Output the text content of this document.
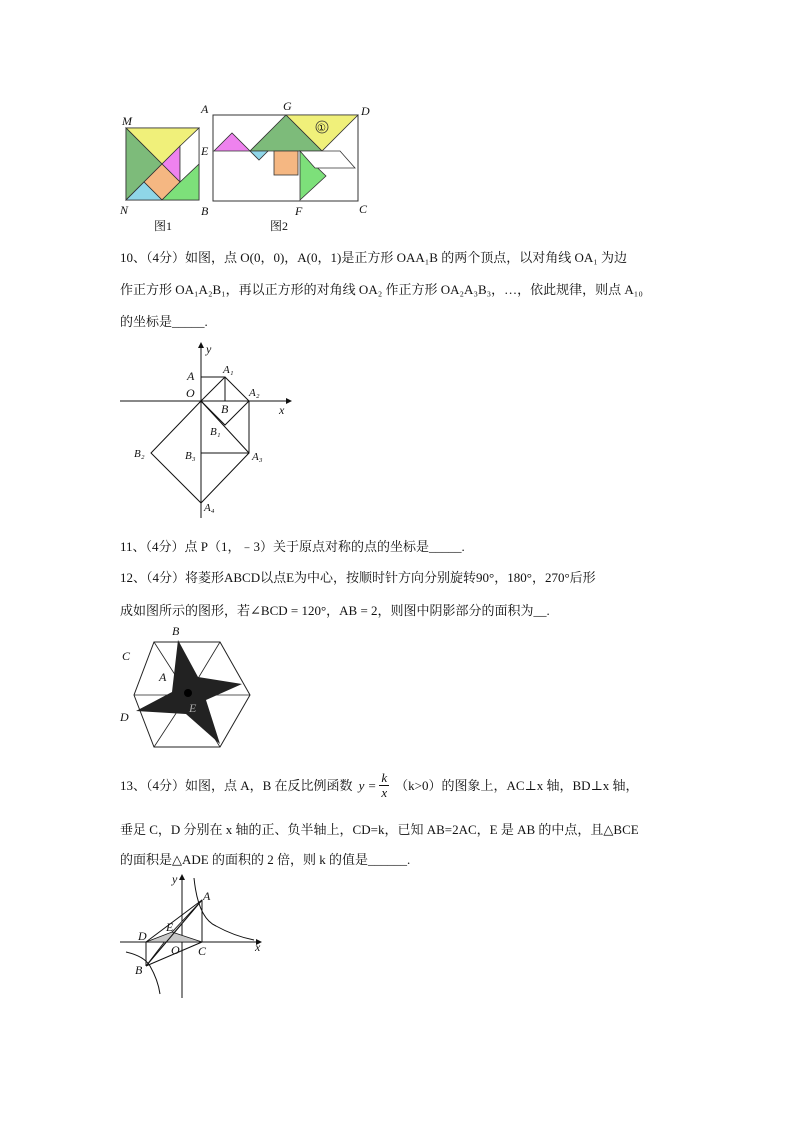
M
N	B
图1
A	G	D
E
F	C
①
图2
10、（4分）如图，点 O(0，0)，A(0，1)是正方形 OAA₁B 的两个顶点，以对角线 OA₁ 为边
作正方形 OA₁A₂B₁，再以正方形的对角线 OA₂ 作正方形 OA₂A₃B₃，…，依此规律，则点 A₁₀
的坐标是_____.
y
x
A
O
A₁
A₂
B
B₁
B₂	B₃	A₃
A₄
11、（4分）点 P（1，﹣3）关于原点对称的点的坐标是_____.
12、（4分）将菱形ABCD以点E为中心，按顺时针方向分别旋转90°，180°，270°后形
成如图所示的图形，若∠BCD = 120°，AB = 2，则图中阴影部分的面积为__.
B
C
A
D
E
13、（4分）如图，点 A，B 在反比例函数 $y = \frac{k}{x} (k>0)$的图象上，AC⊥x 轴，BD⊥x 轴，
垂足 C，D 分别在 x 轴的正、负半轴上，CD=k，已知 AB=2AC，E 是 AB 的中点，且△BCE
的面积是△ADE 的面积的 2 倍，则 k 的值是______.
y
x
A
E
D
O C
B
